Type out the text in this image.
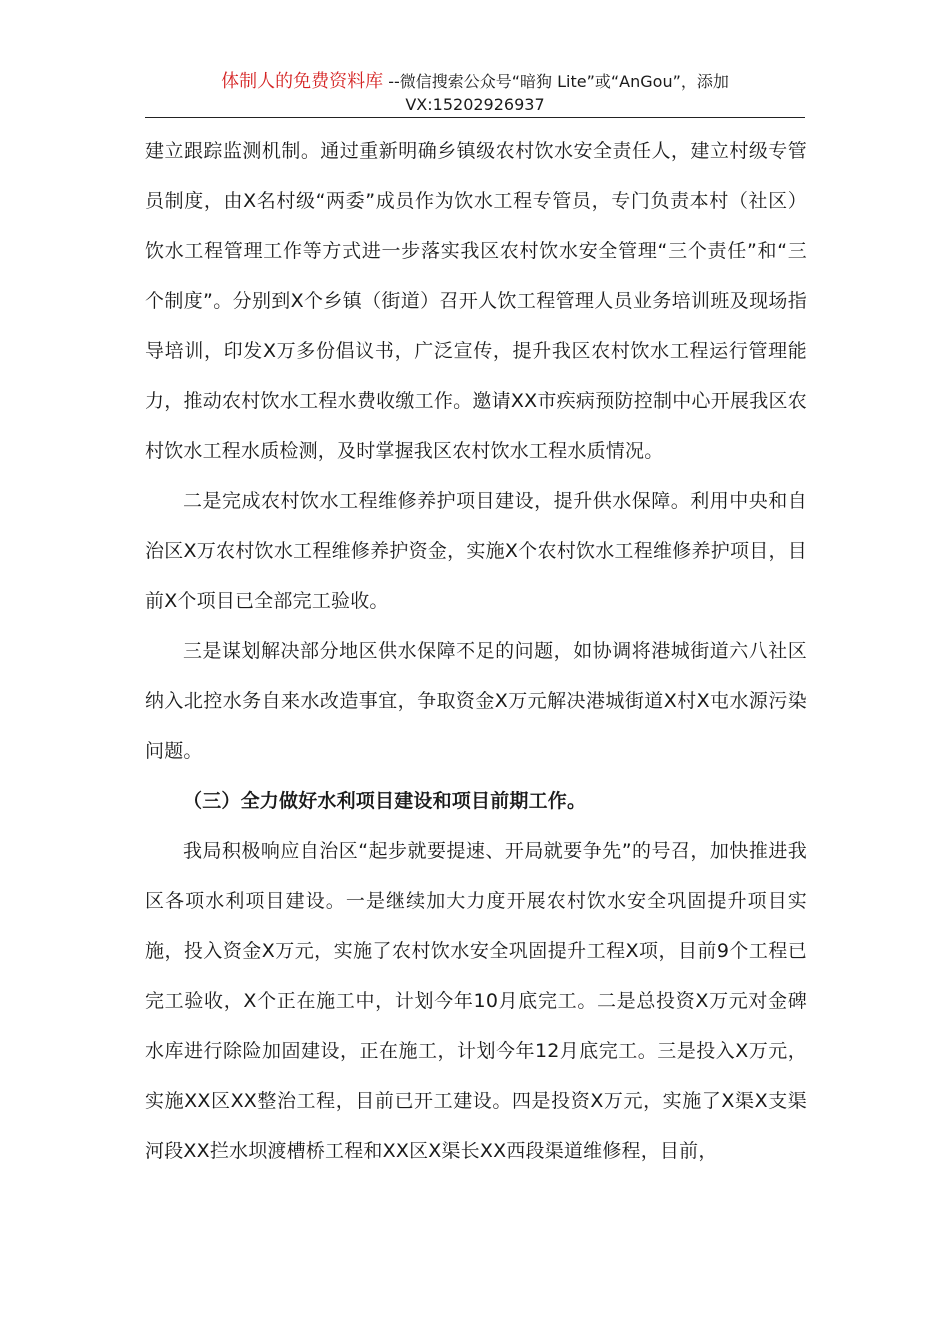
体制人的免费资料库 --微信搜索公众号“暗狗 Lite”或“AnGou”，添加
VX:15202926937

建立跟踪监测机制。通过重新明确乡镇级农村饮水安全责任人，建立村级专管员制度，由X名村级“两委”成员作为饮水工程专管员，专门负责本村（社区）饮水工程管理工作等方式进一步落实我区农村饮水安全管理“三个责任”和“三个制度”。分别到X个乡镇（街道）召开人饮工程管理人员业务培训班及现场指导培训，印发X万多份倡议书，广泛宣传，提升我区农村饮水工程运行管理能力，推动农村饮水工程水费收缴工作。邀请XX市疾病预防控制中心开展我区农村饮水工程水质检测，及时掌握我区农村饮水工程水质情况。

二是完成农村饮水工程维修养护项目建设，提升供水保障。利用中央和自治区X万农村饮水工程维修养护资金，实施X个农村饮水工程维修养护项目，目前X个项目已全部完工验收。

三是谋划解决部分地区供水保障不足的问题，如协调将港城街道六八社区纳入北控水务自来水改造事宜，争取资金X万元解决港城街道X村X屯水源污染问题。

（三）全力做好水利项目建设和项目前期工作。

我局积极响应自治区“起步就要提速、开局就要争先”的号召，加快推进我区各项水利项目建设。一是继续加大力度开展农村饮水安全巩固提升项目实施，投入资金X万元，实施了农村饮水安全巩固提升工程X项，目前9个工程已完工验收，X个正在施工中，计划今年10月底完工。二是总投资X万元对金碑水库进行除险加固建设，正在施工，计划今年12月底完工。三是投入X万元，实施XX区XX整治工程，目前已开工建设。四是投资X万元，实施了X渠X支渠河段XX拦水坝渡槽桥工程和XX区X渠长XX西段渠道维修程，目前，
